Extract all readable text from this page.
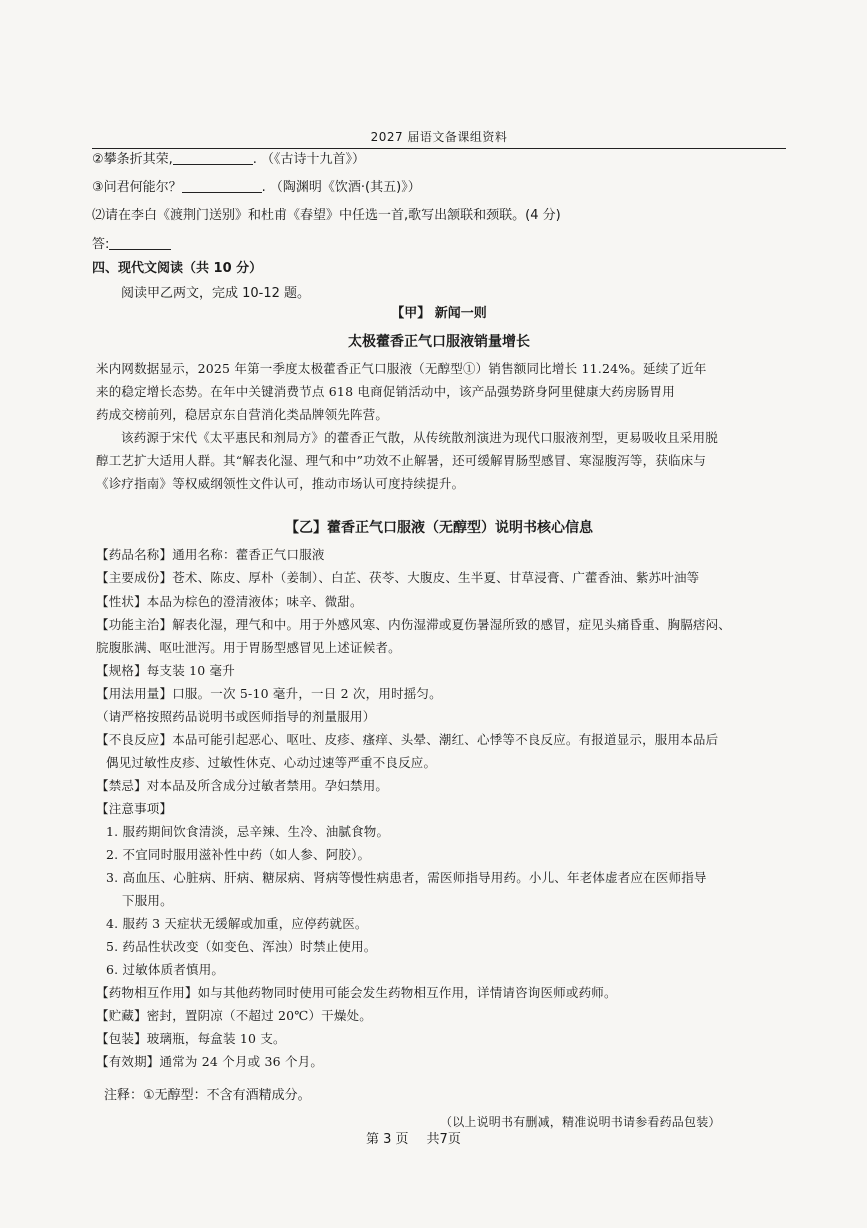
2027 届语文备课组资料
②攀条折其荣,	. （《古诗十九首》）
③问君何能尔？	. （陶渊明《饮酒·(其五)》）
⑵请在李白《渡荆门送别》和杜甫《春望》中任选一首,歌写出颔联和颈联。(4 分)
答:
四、现代文阅读（共 10 分）
阅读甲乙两文，完成 10-12 题。
【甲】 新闻一则
太极藿香正气口服液销量增长
米内网数据显示，2025 年第一季度太极藿香正气口服液（无醇型①）销售额同比增长 11.24%。延续了近年
来的稳定增长态势。在年中关键消费节点 618 电商促销活动中，该产品强势跻身阿里健康大药房肠胃用
药成交榜前列，稳居京东自营消化类品牌领先阵营。
该药源于宋代《太平惠民和剂局方》的藿香正气散，从传统散剂演进为现代口服液剂型，更易吸收且采用脱
醇工艺扩大适用人群。其“解表化湿、理气和中”功效不止解暑，还可缓解胃肠型感冒、寒湿腹泻等，获临床与
《诊疗指南》等权威纲领性文件认可，推动市场认可度持续提升。
【乙】藿香正气口服液（无醇型）说明书核心信息
【药品名称】通用名称：藿香正气口服液
【主要成份】苍术、陈皮、厚朴（姜制）、白芷、茯苓、大腹皮、生半夏、甘草浸膏、广藿香油、紫苏叶油等
【性状】本品为棕色的澄清液体；味辛、微甜。
【功能主治】解表化湿，理气和中。用于外感风寒、内伤湿滞或夏伤暑湿所致的感冒，症见头痛昏重、胸膈痞闷、
脘腹胀满、呕吐泄泻。用于胃肠型感冒见上述证候者。
【规格】每支装 10 毫升
【用法用量】口服。一次 5-10 毫升，一日 2 次，用时摇匀。
（请严格按照药品说明书或医师指导的剂量服用）
【不良反应】本品可能引起恶心、呕吐、皮疹、瘙痒、头晕、潮红、心悸等不良反应。有报道显示，服用本品后
偶见过敏性皮疹、过敏性休克、心动过速等严重不良反应。
【禁忌】对本品及所含成分过敏者禁用。孕妇禁用。
【注意事项】
1. 服药期间饮食清淡，忌辛辣、生冷、油腻食物。
2. 不宜同时服用滋补性中药（如人参、阿胶）。
3. 高血压、心脏病、肝病、糖尿病、肾病等慢性病患者，需医师指导用药。小儿、年老体虚者应在医师指导
下服用。
4. 服药 3 天症状无缓解或加重，应停药就医。
5. 药品性状改变（如变色、浑浊）时禁止使用。
6. 过敏体质者慎用。
【药物相互作用】如与其他药物同时使用可能会发生药物相互作用，详情请咨询医师或药师。
【贮藏】密封，置阴凉（不超过 20℃）干燥处。
【包装】玻璃瓶，每盒装 10 支。
【有效期】通常为 24 个月或 36 个月。
注释：①无醇型：不含有酒精成分。
（以上说明书有删减，精准说明书请参看药品包装）
第 3 页 共7页
